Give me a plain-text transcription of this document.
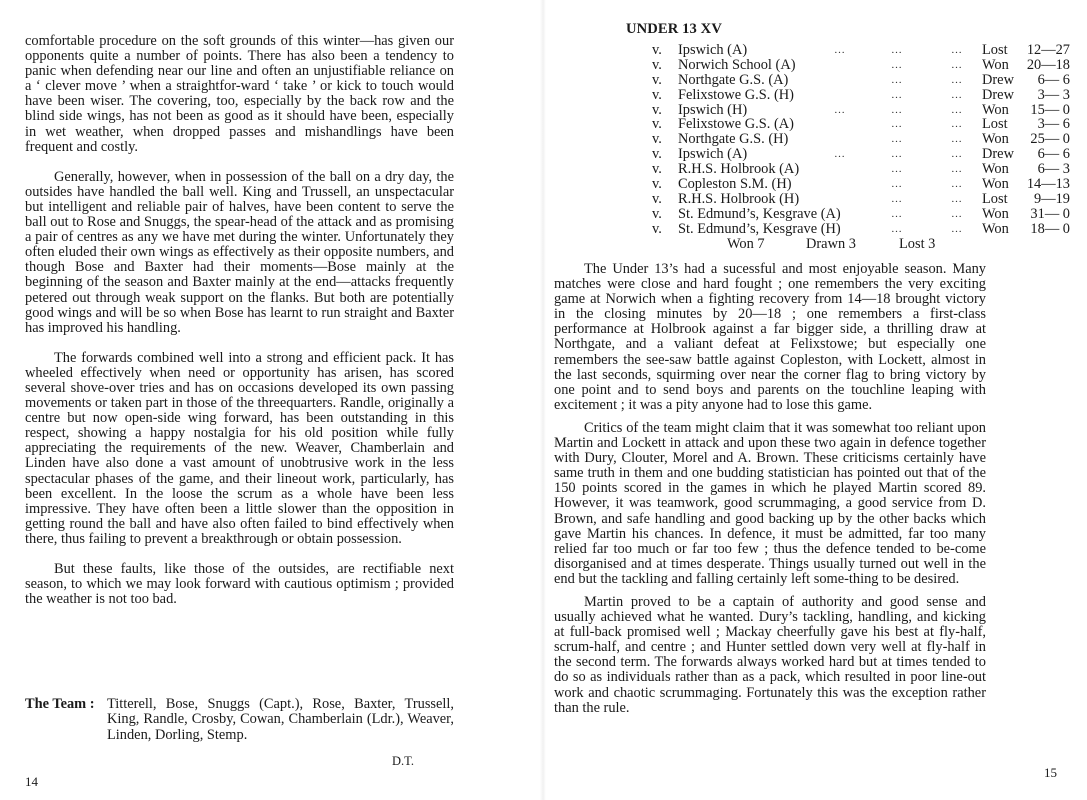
comfortable procedure on the soft grounds of this winter—has given our opponents quite a number of points. There has also been a tendency to panic when defending near our line and often an unjustifiable reliance on a ‘ clever move ’ when a straightfor-ward ‘ take ’ or kick to touch would have been wiser. The covering, too, especially by the back row and the blind side wings, has not been as good as it should have been, especially in wet weather, when dropped passes and mishandlings have been frequent and costly.

Generally, however, when in possession of the ball on a dry day, the outsides have handled the ball well. King and Trussell, an unspectacular but intelligent and reliable pair of halves, have been content to serve the ball out to Rose and Snuggs, the spear-head of the attack and as promising a pair of centres as any we have met during the winter. Unfortunately they often eluded their own wings as effectively as their opposite numbers, and though Bose and Baxter had their moments—Bose mainly at the beginning of the season and Baxter mainly at the end—attacks frequently petered out through weak support on the flanks. But both are potentially good wings and will be so when Bose has learnt to run straight and Baxter has improved his handling.

The forwards combined well into a strong and efficient pack. It has wheeled effectively when need or opportunity has arisen, has scored several shove-over tries and has on occasions developed its own passing movements or taken part in those of the threequarters. Randle, originally a centre but now open-side wing forward, has been outstanding in this respect, showing a happy nostalgia for his old position while fully appreciating the requirements of the new. Weaver, Chamberlain and Linden have also done a vast amount of unobtrusive work in the less spectacular phases of the game, and their lineout work, particularly, has been excellent. In the loose the scrum as a whole have been less impressive. They have often been a little slower than the opposition in getting round the ball and have also often failed to bind effectively when there, thus failing to prevent a breakthrough or obtain possession.

But these faults, like those of the outsides, are rectifiable next season, to which we may look forward with cautious optimism ; provided the weather is not too bad.

The Team : Titterell, Bose, Snuggs (Capt.), Rose, Baxter, Trussell, King, Randle, Crosby, Cowan, Chamberlain (Ldr.), Weaver, Linden, Dorling, Stemp.
D.T.
14
UNDER 13 XV
v. Ipswich (A)	…	…	… Lost 12—27
v. Norwich School (A)	…	… Won 20—18
v. Northgate G.S. (A)	…	… Drew 6— 6
v. Felixstowe G.S. (H)	…	… Drew 3— 3
v. Ipswich (H)	…	…	… Won 15— 0
v. Felixstowe G.S. (A)	…	… Lost 3— 6
v. Northgate G.S. (H)	…	… Won 25— 0
v. Ipswich (A)	…	…	… Drew 6— 6
v. R.H.S. Holbrook (A)	…	… Won 6— 3
v. Copleston S.M. (H)	…	… Won 14—13
v. R.H.S. Holbrook (H)	…	… Lost 9—19
v. St. Edmund’s, Kesgrave (A)	…	… Won 31— 0
v. St. Edmund’s, Kesgrave (H)	…	… Won 18— 0
Won 7	Drawn 3	Lost 3

The Under 13’s had a sucessful and most enjoyable season. Many matches were close and hard fought ; one remembers the very exciting game at Norwich when a fighting recovery from 14—18 brought victory in the closing minutes by 20—18 ; one remembers a first-class performance at Holbrook against a far bigger side, a thrilling draw at Northgate, and a valiant defeat at Felixstowe; but especially one remembers the see-saw battle against Copleston, with Lockett, almost in the last seconds, squirming over near the corner flag to bring victory by one point and to send boys and parents on the touchline leaping with excitement ; it was a pity anyone had to lose this game.

Critics of the team might claim that it was somewhat too reliant upon Martin and Lockett in attack and upon these two again in defence together with Dury, Clouter, Morel and A. Brown. These criticisms certainly have same truth in them and one budding statistician has pointed out that of the 150 points scored in the games in which he played Martin scored 89. However, it was teamwork, good scrummaging, a good service from D. Brown, and safe handling and good backing up by the other backs which gave Martin his chances. In defence, it must be admitted, far too many relied far too much or far too few ; thus the defence tended to be-come disorganised and at times desperate. Things usually turned out well in the end but the tackling and falling certainly left some-thing to be desired.

Martin proved to be a captain of authority and good sense and usually achieved what he wanted. Dury’s tackling, handling, and kicking at full-back promised well ; Mackay cheerfully gave his best at fly-half, scrum-half, and centre ; and Hunter settled down very well at fly-half in the second term. The forwards always worked hard but at times tended to do so as individuals rather than as a pack, which resulted in poor line-out work and chaotic scrummaging. Fortunately this was the exception rather than the rule.

15
